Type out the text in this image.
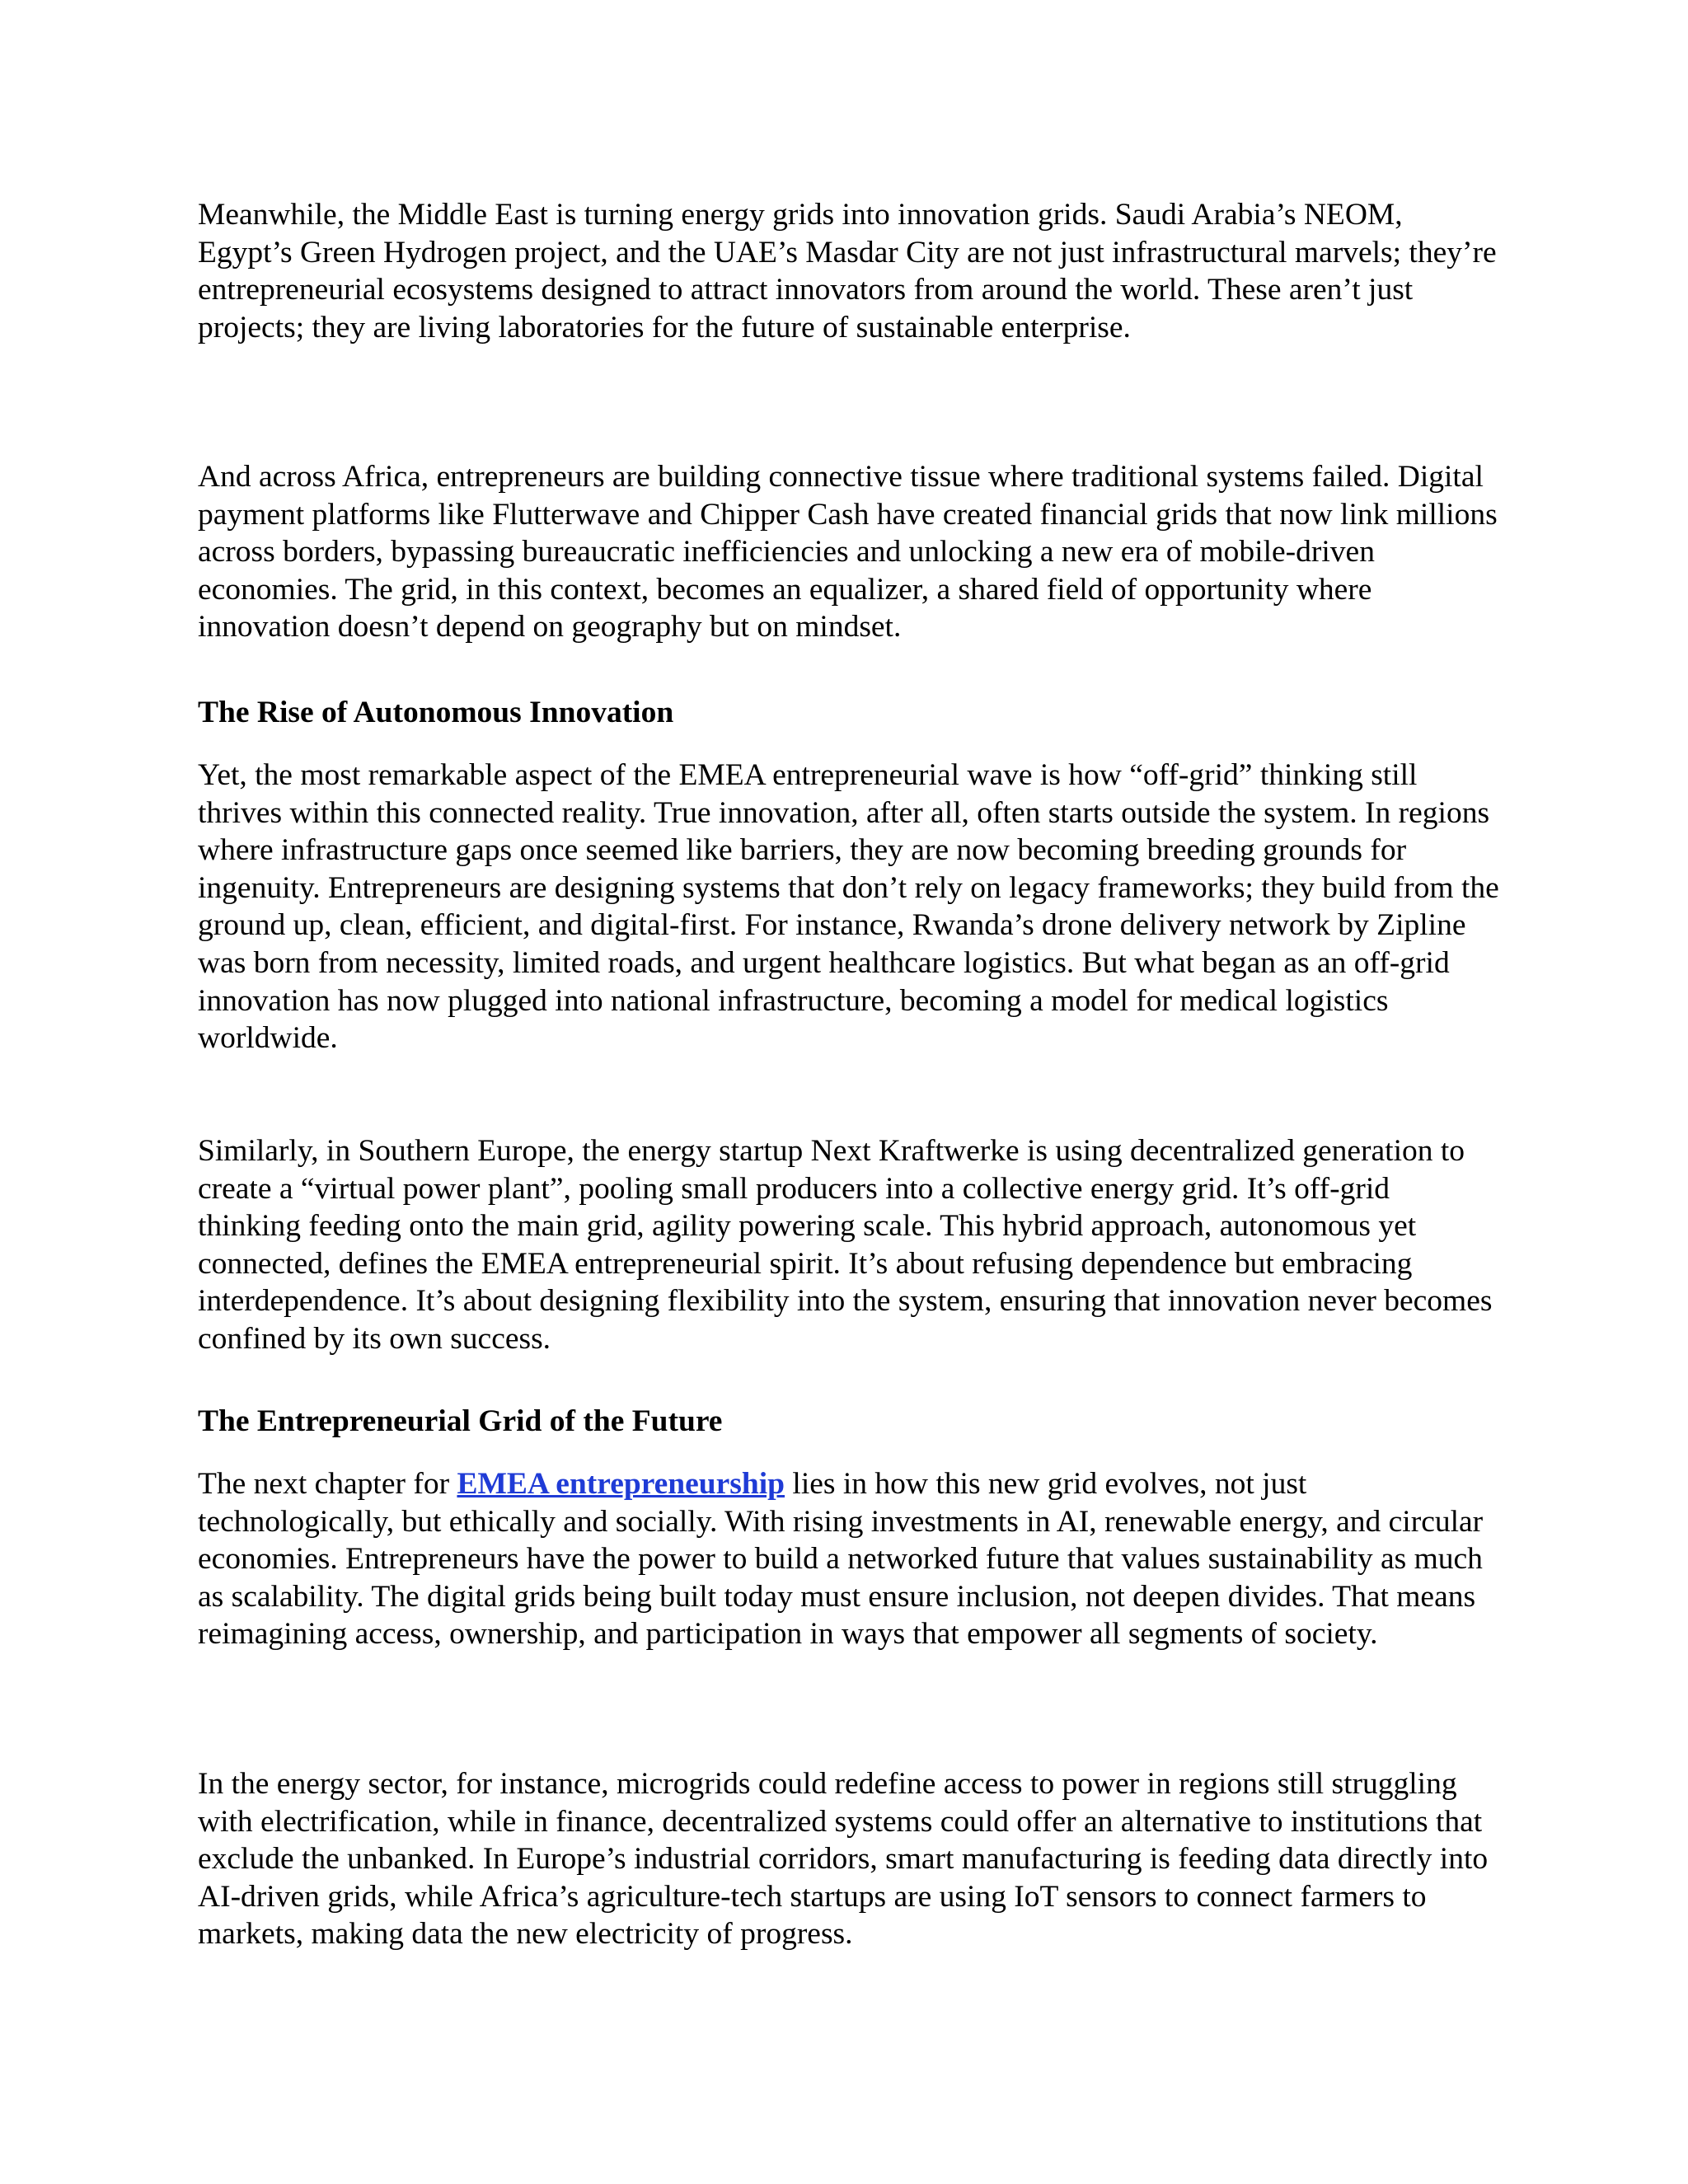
Meanwhile, the Middle East is turning energy grids into innovation grids. Saudi Arabia’s NEOM, Egypt’s Green Hydrogen project, and the UAE’s Masdar City are not just infrastructural marvels; they’re entrepreneurial ecosystems designed to attract innovators from around the world. These aren’t just projects; they are living laboratories for the future of sustainable enterprise.

And across Africa, entrepreneurs are building connective tissue where traditional systems failed. Digital payment platforms like Flutterwave and Chipper Cash have created financial grids that now link millions across borders, bypassing bureaucratic inefficiencies and unlocking a new era of mobile-driven economies. The grid, in this context, becomes an equalizer, a shared field of opportunity where innovation doesn’t depend on geography but on mindset.

The Rise of Autonomous Innovation

Yet, the most remarkable aspect of the EMEA entrepreneurial wave is how “off-grid” thinking still thrives within this connected reality. True innovation, after all, often starts outside the system. In regions where infrastructure gaps once seemed like barriers, they are now becoming breeding grounds for ingenuity. Entrepreneurs are designing systems that don’t rely on legacy frameworks; they build from the ground up, clean, efficient, and digital-first. For instance, Rwanda’s drone delivery network by Zipline was born from necessity, limited roads, and urgent healthcare logistics. But what began as an off-grid innovation has now plugged into national infrastructure, becoming a model for medical logistics worldwide.

Similarly, in Southern Europe, the energy startup Next Kraftwerke is using decentralized generation to create a “virtual power plant”, pooling small producers into a collective energy grid. It’s off-grid thinking feeding onto the main grid, agility powering scale. This hybrid approach, autonomous yet connected, defines the EMEA entrepreneurial spirit. It’s about refusing dependence but embracing interdependence. It’s about designing flexibility into the system, ensuring that innovation never becomes confined by its own success.

The Entrepreneurial Grid of the Future

The next chapter for EMEA entrepreneurship lies in how this new grid evolves, not just technologically, but ethically and socially. With rising investments in AI, renewable energy, and circular economies. Entrepreneurs have the power to build a networked future that values sustainability as much as scalability. The digital grids being built today must ensure inclusion, not deepen divides. That means reimagining access, ownership, and participation in ways that empower all segments of society.

In the energy sector, for instance, microgrids could redefine access to power in regions still struggling with electrification, while in finance, decentralized systems could offer an alternative to institutions that exclude the unbanked. In Europe’s industrial corridors, smart manufacturing is feeding data directly into AI-driven grids, while Africa’s agriculture-tech startups are using IoT sensors to connect farmers to markets, making data the new electricity of progress.
